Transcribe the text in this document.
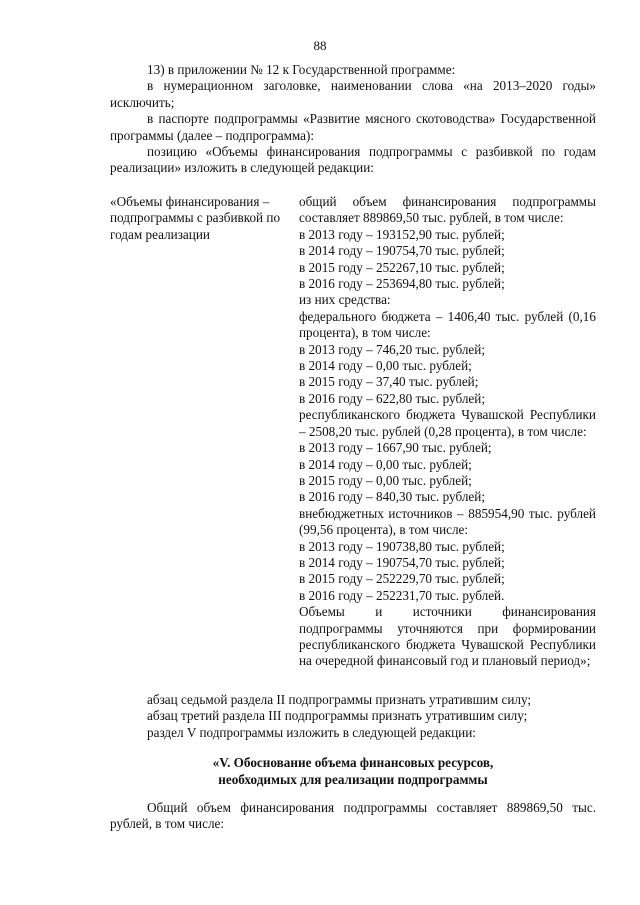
88

13) в приложении № 12 к Государственной программе:

в нумерационном заголовке, наименовании слова «на 2013–2020 годы» исключить;

в паспорте подпрограммы «Развитие мясного скотоводства» Государственной программы (далее – подпрограмма):

позицию «Объемы финансирования подпрограммы с разбивкой по годам реализации» изложить в следующей редакции:

«Объемы финансирования – подпрограммы с разбивкой по годам реализации

общий объем финансирования подпрограммы составляет 889869,50 тыс. рублей, в том числе:

в 2013 году – 193152,90 тыс. рублей;

в 2014 году – 190754,70 тыс. рублей;

в 2015 году – 252267,10 тыс. рублей;

в 2016 году – 253694,80 тыс. рублей;

из них средства:

федерального бюджета – 1406,40 тыс. рублей (0,16 процента), в том числе:

в 2013 году – 746,20 тыс. рублей;

в 2014 году – 0,00 тыс. рублей;

в 2015 году – 37,40 тыс. рублей;

в 2016 году – 622,80 тыс. рублей;

республиканского бюджета Чувашской Республики – 2508,20 тыс. рублей (0,28 процента), в том числе:

в 2013 году – 1667,90 тыс. рублей;

в 2014 году – 0,00 тыс. рублей;

в 2015 году – 0,00 тыс. рублей;

в 2016 году – 840,30 тыс. рублей;

внебюджетных источников – 885954,90 тыс. рублей (99,56 процента), в том числе:

в 2013 году – 190738,80 тыс. рублей;

в 2014 году – 190754,70 тыс. рублей;

в 2015 году – 252229,70 тыс. рублей;

в 2016 году – 252231,70 тыс. рублей.

Объемы и источники финансирования подпрограммы уточняются при формировании республиканского бюджета Чувашской Республики на очередной финансовый год и плановый период»;

абзац седьмой раздела II подпрограммы признать утратившим силу;

абзац третий раздела III подпрограммы признать утратившим силу;

раздел V подпрограммы изложить в следующей редакции:

«V. Обоснование объема финансовых ресурсов,
необходимых для реализации подпрограммы

Общий объем финансирования подпрограммы составляет 889869,50 тыс. рублей, в том числе:
